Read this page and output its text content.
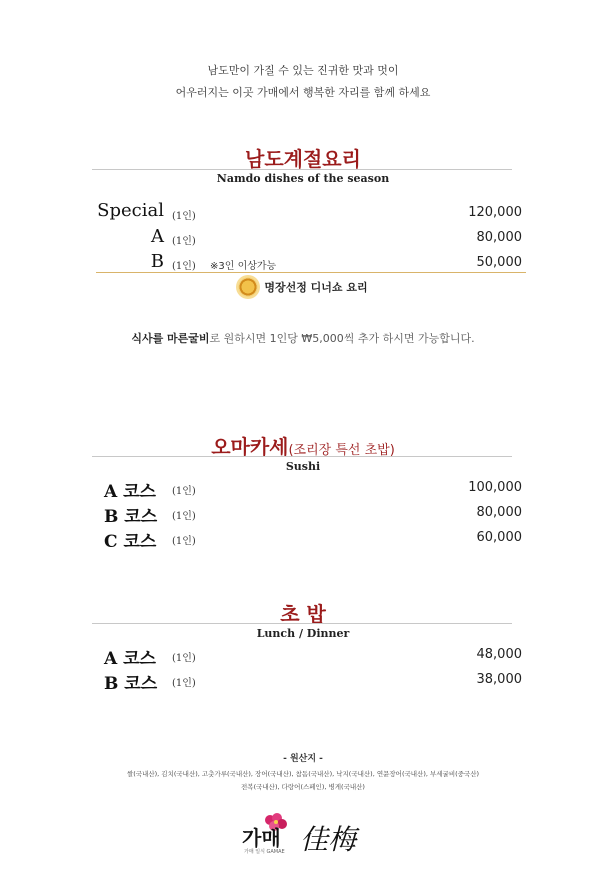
남도만이 가질 수 있는 진귀한 맛과 멋이
어우러지는 이곳 가매에서 행복한 자리를 함께 하세요
남도계절요리
Namdo dishes of the season
Special (1인)	120,000
A (1인)	80,000
B (1인) ※3인 이상가능	50,000
명장선정 디너쇼 요리
식사를 마른굴비로 원하시면 1인당 ₩5,000씩 추가 하시면 가능합니다.
오마카세(조리장 특선 초밥)
Sushi
A 코스 (1인)	100,000
B 코스 (1인)	80,000
C 코스 (1인)	60,000
초 밥
Lunch / Dinner
A 코스 (1인)	48,000
B 코스 (1인)	38,000
- 원산지 -
쌀(국내산), 김치(국내산), 고춧가루(국내산), 장어(국내산), 참돔(국내산), 낙지(국내산), 연뮨장어(국내산), 부세굴비(중국산)
전복(국내산), 다랑어(스페인), 병게(국내산)
가매 佳梅
가매 일식 GAMAE
